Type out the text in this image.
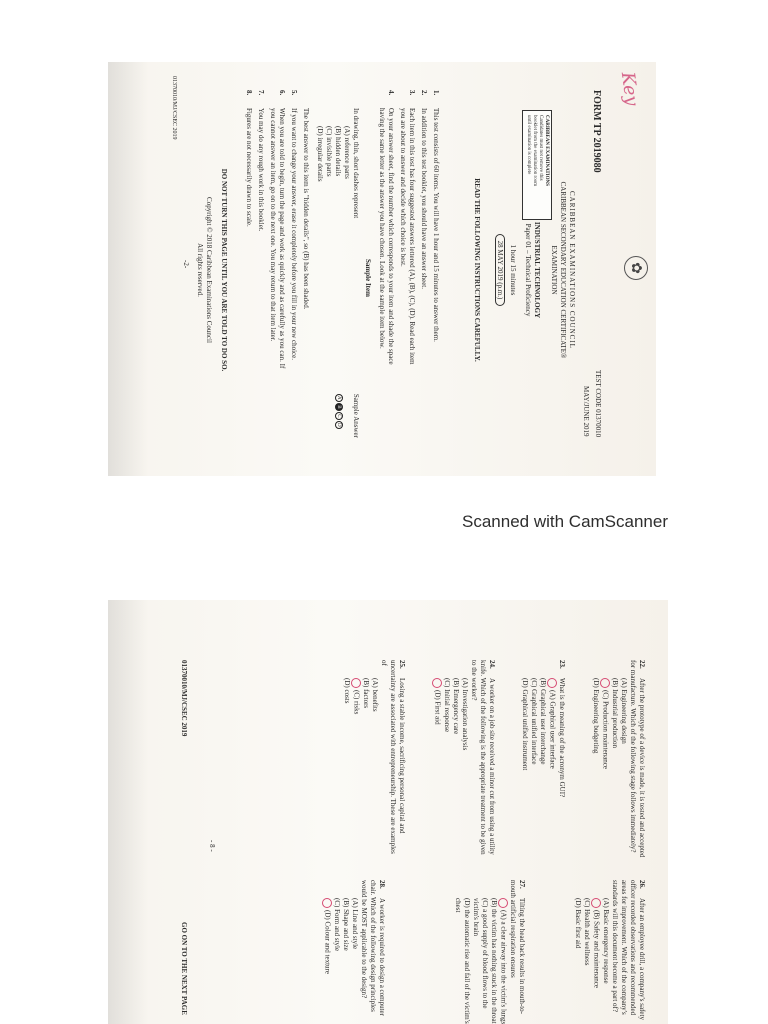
-2-
Key
✿
CARIBBEAN EXAMINATIONS
Candidates must not remove this
booklet from the examination room
until examination is complete	FORM TP 2019080
TEST CODE 01370010
MAY/JUNE 2019
CARIBBEAN EXAMINATIONS COUNCIL
CARIBBEAN SECONDARY EDUCATION CERTIFICATE®
EXAMINATION
INDUSTRIAL TECHNOLOGY
Paper 01 – Technical Proficiency
1 hour 15 minutes
28 MAY 2019 (p.m.)
READ THE FOLLOWING INSTRUCTIONS CAREFULLY.
1.This test consists of 60 items. You will have 1 hour and 15 minutes to answer them.
2.In addition to this test booklet, you should have an answer sheet.
3.Each item in this test has four suggested answers lettered (A), (B), (C), (D). Read each item
you are about to answer and decide which choice is best.
4.On your answer sheet, find the number which corresponds to your item and shade the space
having the same letter as the answer you have chosen. Look at the sample item below.
Sample Item
In drawing, thin, short dashes represent
Sample Answer
ABCD
(A) reference parts
(B) hidden details
(C) invisible parts
(D) irregular details
The best answer to this item is "hidden details", so (B) has been shaded.
5.If you want to change your answer, erase it completely before you fill in your new choice.
6.When you are told to begin, turn the page and work as quickly and as carefully as you can. If
you cannot answer an item, go on to the next one. You may return to that item later.
7.You may do any rough work in this booklet.
8.Figures are not necessarily drawn to scale.
DO NOT TURN THIS PAGE UNTIL YOU ARE TOLD TO DO SO.
Copyright © 2018 Caribbean Examinations Council
All rights reserved.
01370010/MJ/CSEC 2019
Scanned with CamScanner
- 8 -
22.After the prototype of a device is made, it is tested and accepted for manufacture. Which of the following stage follows immediately?
(A) Engineering design
(B) Industrial production
(C) Production maintenance
(D) Engineering budgeting
23.What is the meaning of the acronym GUI?
(A) Graphical user interface
(B) Graphical user interchange
(C) Graphical unified interface
(D) Graphical unified instrument
24.A worker on a job site received a minor cut from using a utility knife. Which of the following is the appropriate treatment to be given to the worker?
(A) Investigation analysis
(B) Emergency care
(C) Initial response
(D) First aid
25.Losing a stable income, sacrificing personal capital and uncertainty are associated with entrepreneurship. These are examples of
(A) benefits
(B) factors
(C) risks
(D) costs
26.After an employee drill, a company's safety officer recorded observations and recommended areas for improvement. Which of the company's standards will this document become a part of?
(A) Basic emergency response
(B) Safety and maintenance
(C) Health and wellness
(D) Basic first aid
27.Tilting the head back results in mouth-to-mouth artificial respiration ensures
(A) a clear airway into the victim's lungs
(B) the victim has nothing stuck in the throat
(C) a good supply of blood flows to the victim's brain
(D) the automatic rise and fall of the victim's chest
28.A worker is required to design a computer chair. Which of the following design principles would be MOST applicable to the design?
(A) Line and style
(B) Shape and size
(C) Form and style
(D) Colour and texture
01370010/MJ/CSEC 2019
GO ON TO THE NEXT PAGE
